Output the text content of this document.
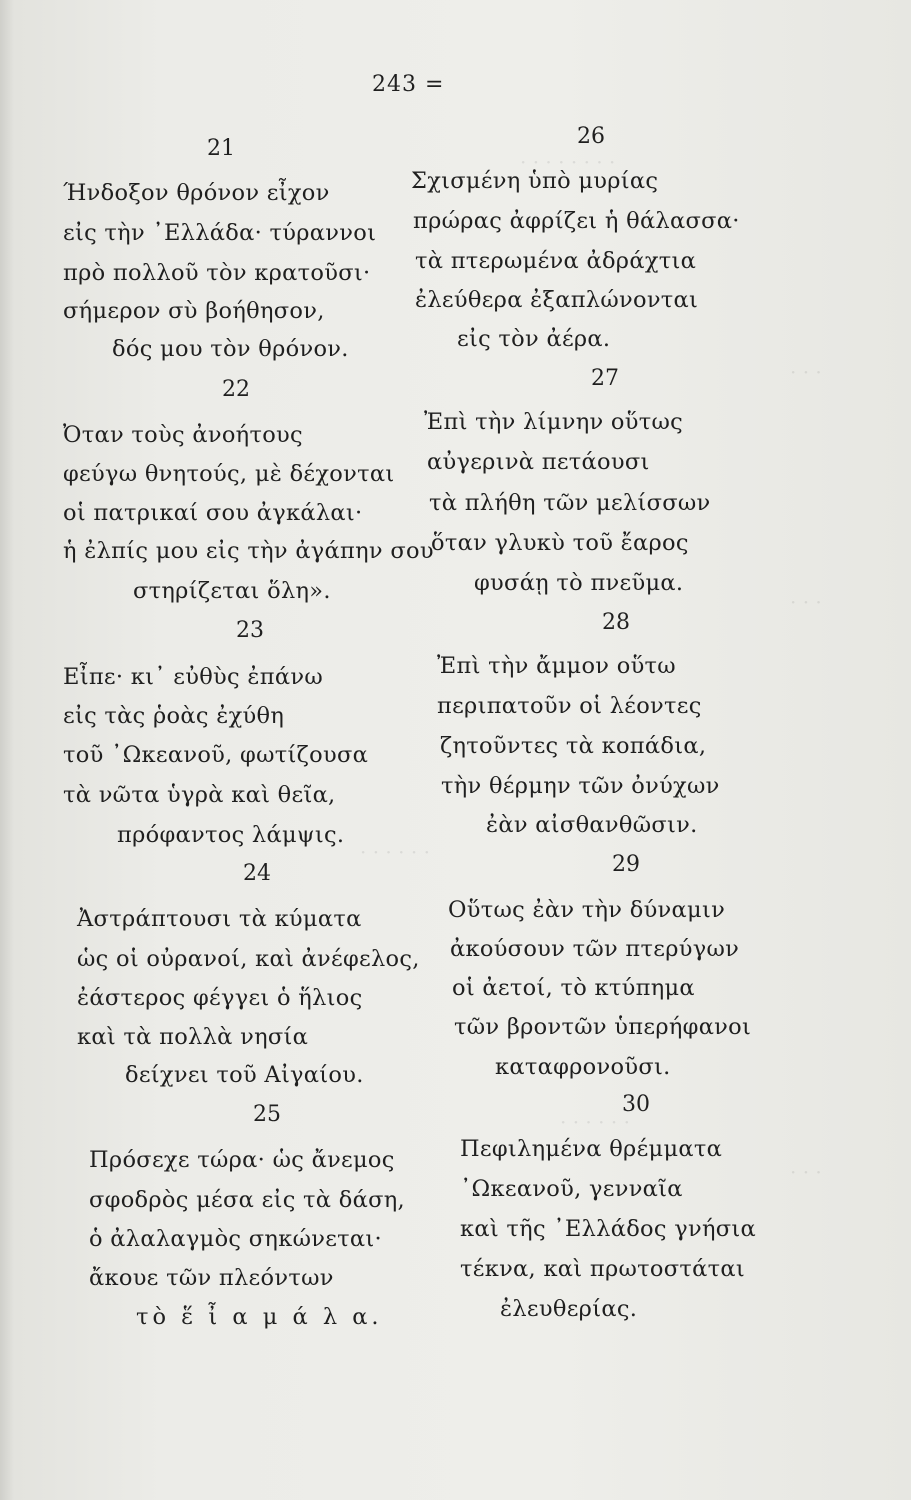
· · · · · · · ·
· · ·
· · ·
· · · · · ·
· · · · · ·
· · ·
243 =
21
Ήνδοξον θρόνον εἶχον
εἰς τὴν ᾿Ελλάδα· τύραννοι
πρὸ πολλοῦ τὸν κρατοῦσι·
σήμερον σὺ βοήθησον,
δός μου τὸν θρόνον.
22
Ὀταν τοὺς ἀνοήτους
φεύγω θνητούς, μὲ δέχονται
οἱ πατρικαί σου ἀγκάλαι·
ἡ ἐλπίς μου εἰς τὴν ἀγάπην σου
στηρίζεται ὅλη».
23
Εἶπε· κι᾿ εὐθὺς ἐπάνω
εἰς τὰς ῥοὰς ἐχύθη
τοῦ ᾿Ωκεανοῦ, φωτίζουσα
τὰ νῶτα ὑγρὰ καὶ θεῖα,
πρόφαντος λάμψις.
24
Ἀστράπτουσι τὰ κύματα
ὡς οἱ οὐρανοί, καὶ ἀνέφελος,
ἐάστερος φέγγει ὁ ἥλιος
καὶ τὰ πολλὰ νησία
δείχνει τοῦ Αἰγαίου.
25
Πρόσεχε τώρα· ὡς ἄνεμος
σφοδρὸς μέσα εἰς τὰ δάση,
ὁ ἀλαλαγμὸς σηκώνεται·
ἄκουε τῶν πλεόντων
τὸ ἕ ἶ α μ ά λ α.
26
Σχισμένη ὑπὸ μυρίας
πρώρας ἀφρίζει ἡ θάλασσα·
τὰ πτερωμένα ἀδράχτια
ἐλεύθερα ἐξαπλώνονται
εἰς τὸν ἀέρα.
27
Ἐπὶ τὴν λίμνην οὕτως
αὐγερινὰ πετάουσι
τὰ πλήθη τῶν μελίσσων
ὅταν γλυκὺ τοῦ ἔαρος
φυσάῃ τὸ πνεῦμα.
28
Ἐπὶ τὴν ἄμμον οὕτω
περιπατοῦν οἱ λέοντες
ζητοῦντες τὰ κοπάδια,
τὴν θέρμην τῶν ὀνύχων
ἐὰν αἰσθανθῶσιν.
29
Οὕτως ἐὰν τὴν δύναμιν
ἀκούσουν τῶν πτερύγων
οἱ ἀετοί, τὸ κτύπημα
τῶν βροντῶν ὑπερήφανοι
καταφρονοῦσι.
30
Πεφιλημένα θρέμματα
᾿Ωκεανοῦ, γενναῖα
καὶ τῆς ᾿Ελλάδος γνήσια
τέκνα, καὶ πρωτοστάται
ἐλευθερίας.
